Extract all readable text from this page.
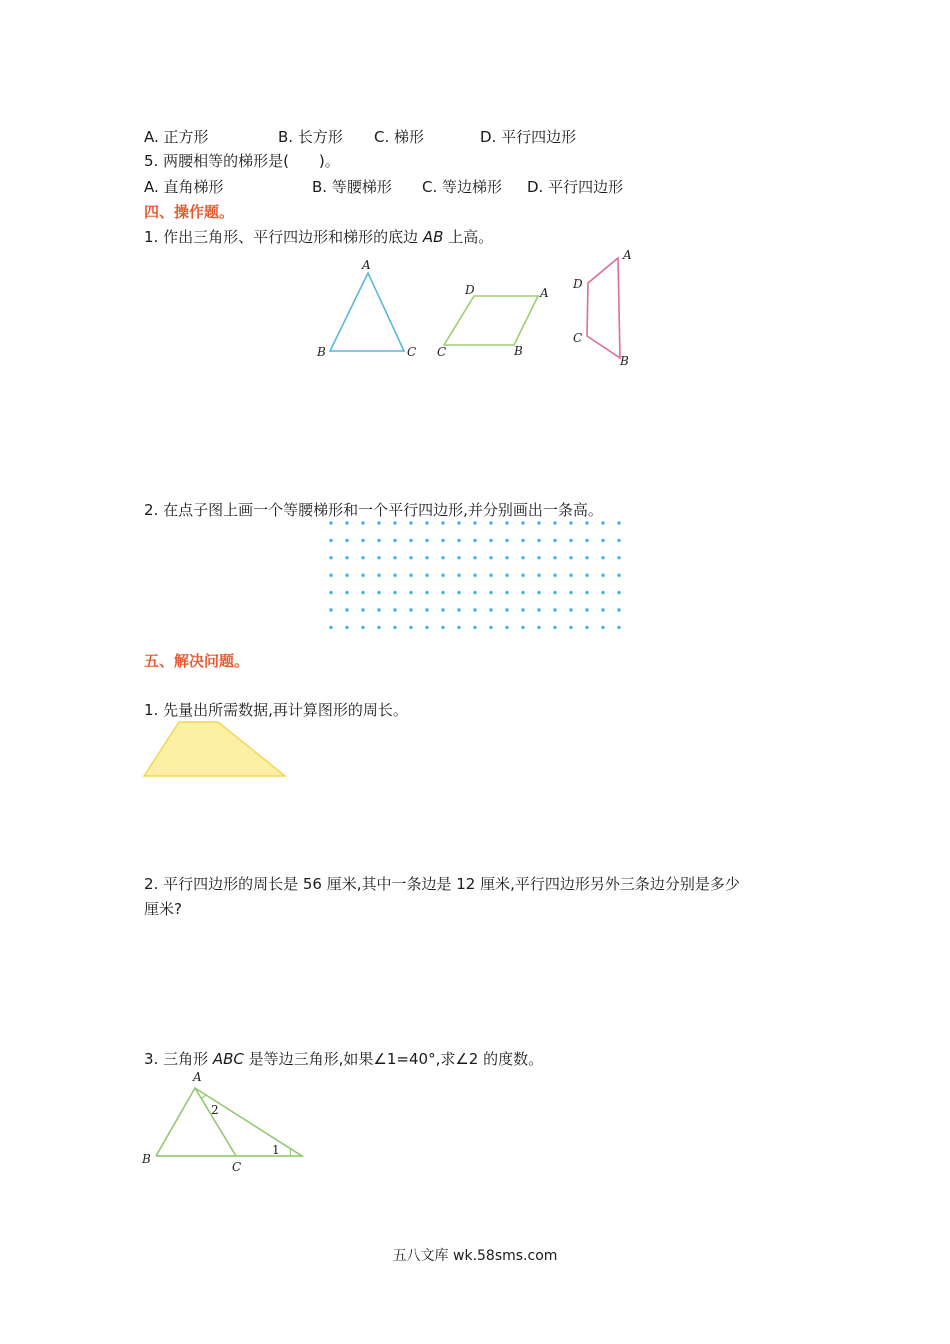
A. 正方形	B. 长方形 C. 梯形	D. 平行四边形
5. 两腰相等的梯形是(　　)。
A. 直角梯形	B. 等腰梯形 C. 等边梯形 D. 平行四边形
四、操作题。
1. 作出三角形、平行四边形和梯形的底边 AB 上高。
A
B	C
D	A
C	B
A
D
C
B
2. 在点子图上画一个等腰梯形和一个平行四边形,并分别画出一条高。
五、解决问题。
1. 先量出所需数据,再计算图形的周长。
2. 平行四边形的周长是 56 厘米,其中一条边是 12 厘米,平行四边形另外三条边分别是多少
厘米?
3. 三角形 ABC 是等边三角形,如果∠1=40°,求∠2 的度数。
A
B
C
1
2
五八文库 wk.58sms.com
